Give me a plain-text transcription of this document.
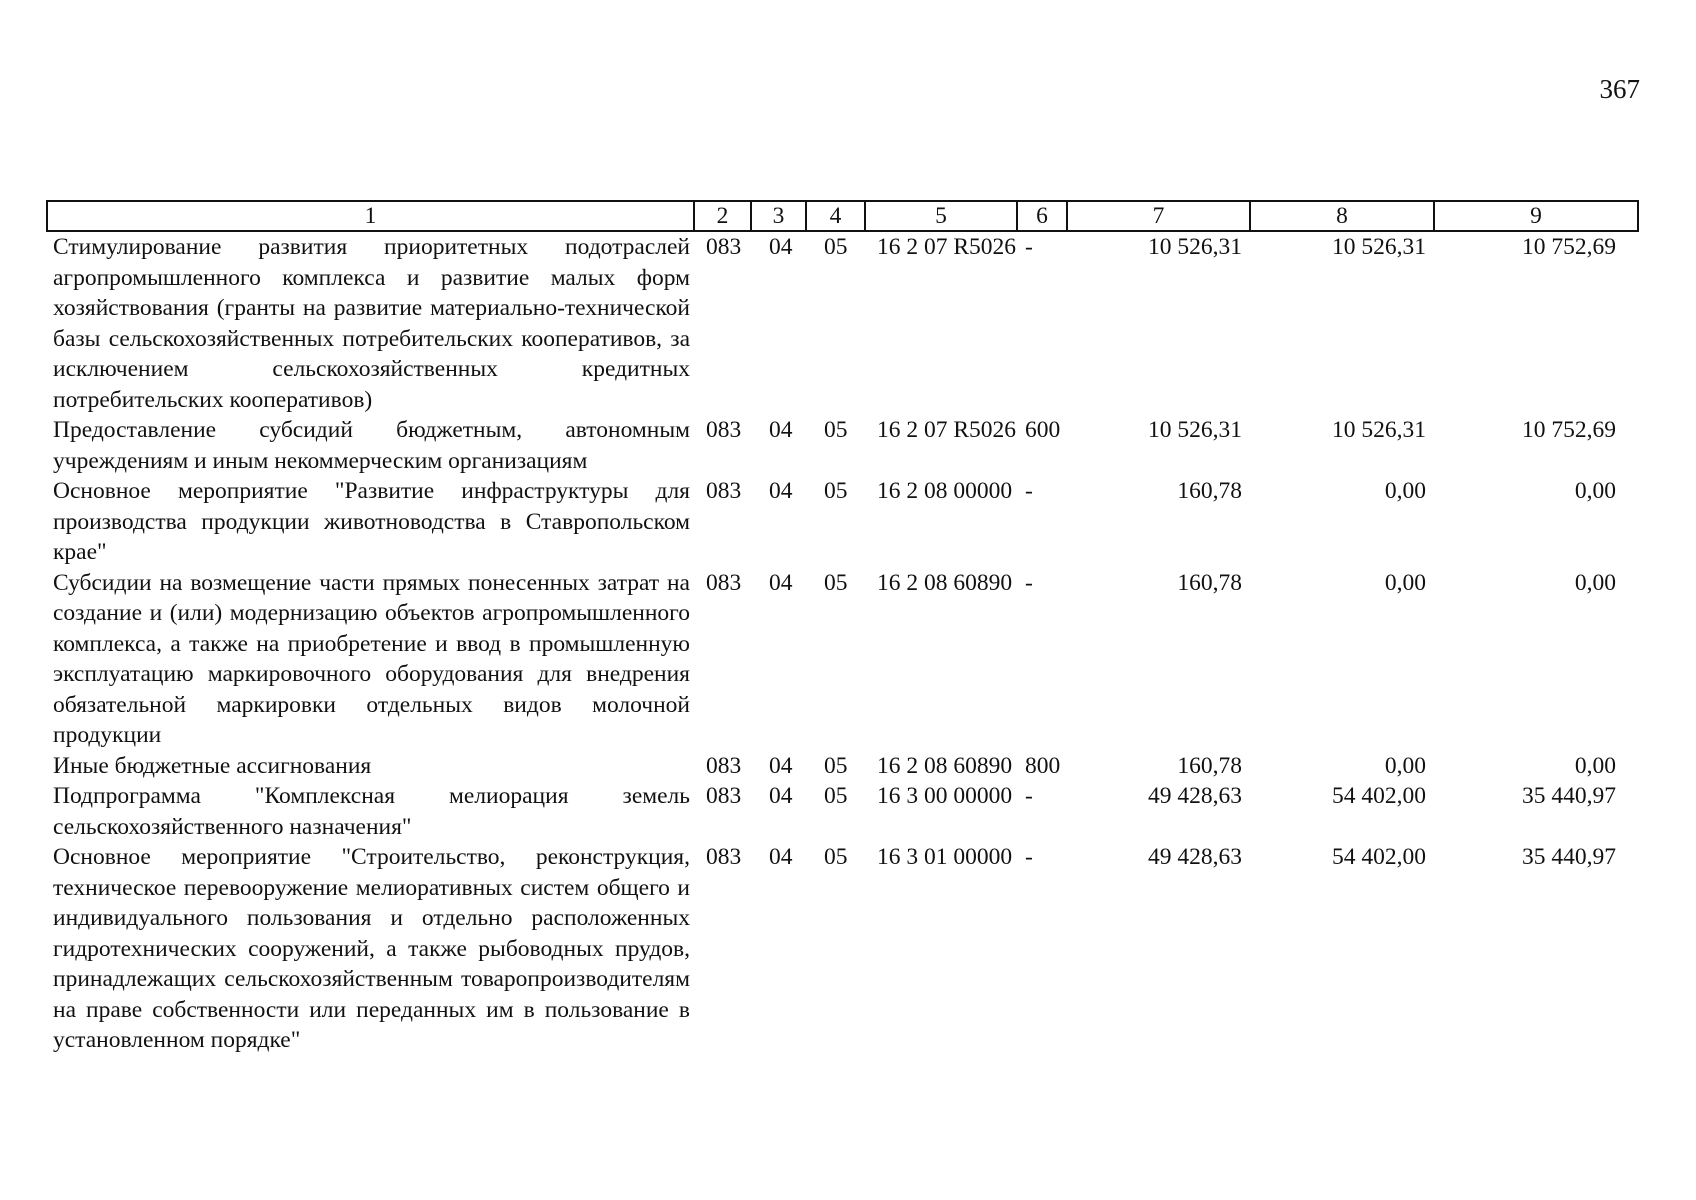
367
1	2	3	4	5	6	7	8	9
Стимулирование развития приоритетных подотраслей агропромышленного комплекса и развитие малых форм хозяйствования (гранты на развитие материально-технической базы сельскохозяйственных потребительских кооперативов, за исключением сельскохозяйственных кредитных потребительских кооперативов)	083	04	05	16 2 07 R5026	-	10 526,31	10 526,31	10 752,69
Предоставление субсидий бюджетным, автономным учреждениям и иным некоммерческим организациям	083	04	05	16 2 07 R5026	600	10 526,31	10 526,31	10 752,69
Основное мероприятие "Развитие инфраструктуры для производства продукции животноводства в Ставропольском крае"	083	04	05	16 2 08 00000	-	160,78	0,00	0,00
Субсидии на возмещение части прямых понесенных затрат на создание и (или) модернизацию объектов агропромышленного комплекса, а также на приобретение и ввод в промышленную эксплуатацию маркировочного оборудования для внедрения обязательной маркировки отдельных видов молочной продукции	083	04	05	16 2 08 60890	-	160,78	0,00	0,00
Иные бюджетные ассигнования	083	04	05	16 2 08 60890	800	160,78	0,00	0,00
Подпрограмма "Комплексная мелиорация земель сельскохозяйственного назначения"	083	04	05	16 3 00 00000	-	49 428,63	54 402,00	35 440,97
Основное мероприятие "Строительство, реконструкция, техническое перевооружение мелиоративных систем общего и индивидуального пользования и отдельно расположенных гидротехнических сооружений, а также рыбоводных прудов, принадлежащих сельскохозяйственным товаропроизводителям на праве собственности или переданных им в пользование в установленном порядке"	083	04	05	16 3 01 00000	-	49 428,63	54 402,00	35 440,97
